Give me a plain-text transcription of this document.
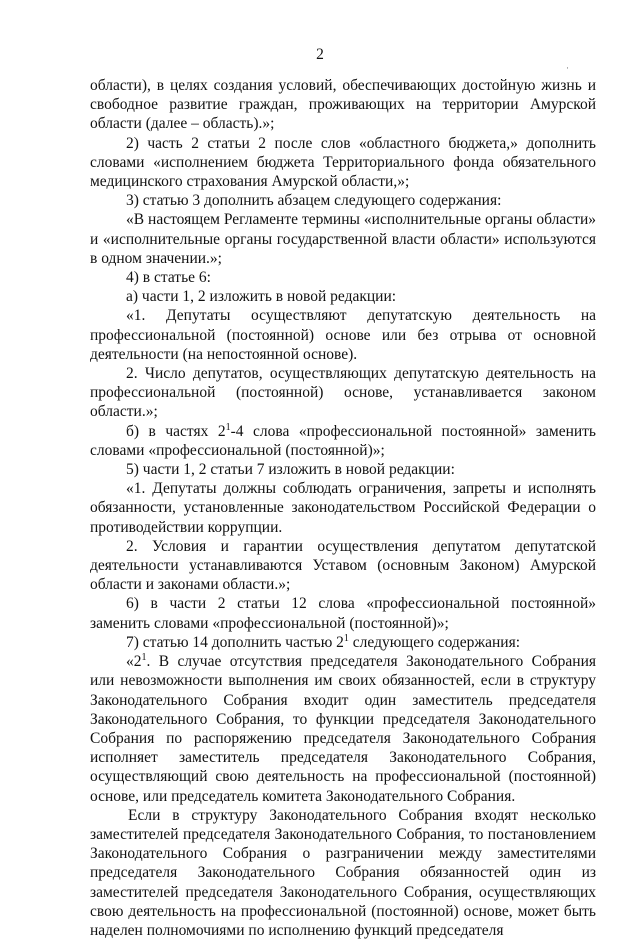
2

области), в целях создания условий, обеспечивающих достойную жизнь и свободное развитие граждан, проживающих на территории Амурской области (далее – область).»;

2) часть 2 статьи 2 после слов «областного бюджета,» дополнить словами «исполнением бюджета Территориального фонда обязательного медицинского страхования Амурской области,»;

3) статью 3 дополнить абзацем следующего содержания:

«В настоящем Регламенте термины «исполнительные органы области» и «исполнительные органы государственной власти области» используются в одном значении.»;

4) в статье 6:

а) части 1, 2 изложить в новой редакции:

«1. Депутаты осуществляют депутатскую деятельность на профессиональной (постоянной) основе или без отрыва от основной деятельности (на непостоянной основе).

2. Число депутатов, осуществляющих депутатскую деятельность на профессиональной (постоянной) основе, устанавливается законом области.»;

б) в частях $2^1-4$ слова «профессиональной постоянной» заменить словами «профессиональной (постоянной)»;

5) части 1, 2 статьи 7 изложить в новой редакции:

«1. Депутаты должны соблюдать ограничения, запреты и исполнять обязанности, установленные законодательством Российской Федерации о противодействии коррупции.

2. Условия и гарантии осуществления депутатом депутатской деятельности устанавливаются Уставом (основным Законом) Амурской области и законами области.»;

6) в части 2 статьи 12 слова «профессиональной постоянной» заменить словами «профессиональной (постоянной)»;

7) статью 14 дополнить частью $2^1$ следующего содержания:

«$2^1$. В случае отсутствия председателя Законодательного Собрания или невозможности выполнения им своих обязанностей, если в структуру Законодательного Собрания входит один заместитель председателя Законодательного Собрания, то функции председателя Законодательного Собрания по распоряжению председателя Законодательного Собрания исполняет заместитель председателя Законодательного Собрания, осуществляющий свою деятельность на профессиональной (постоянной) основе, или председатель комитета Законодательного Собрания.

Если в структуру Законодательного Собрания входят несколько заместителей председателя Законодательного Собрания, то постановлением Законодательного Собрания о разграничении между заместителями председателя Законодательного Собрания обязанностей один из заместителей председателя Законодательного Собрания, осуществляющих свою деятельность на профессиональной (постоянной) основе, может быть наделен полномочиями по исполнению функций председателя

·
